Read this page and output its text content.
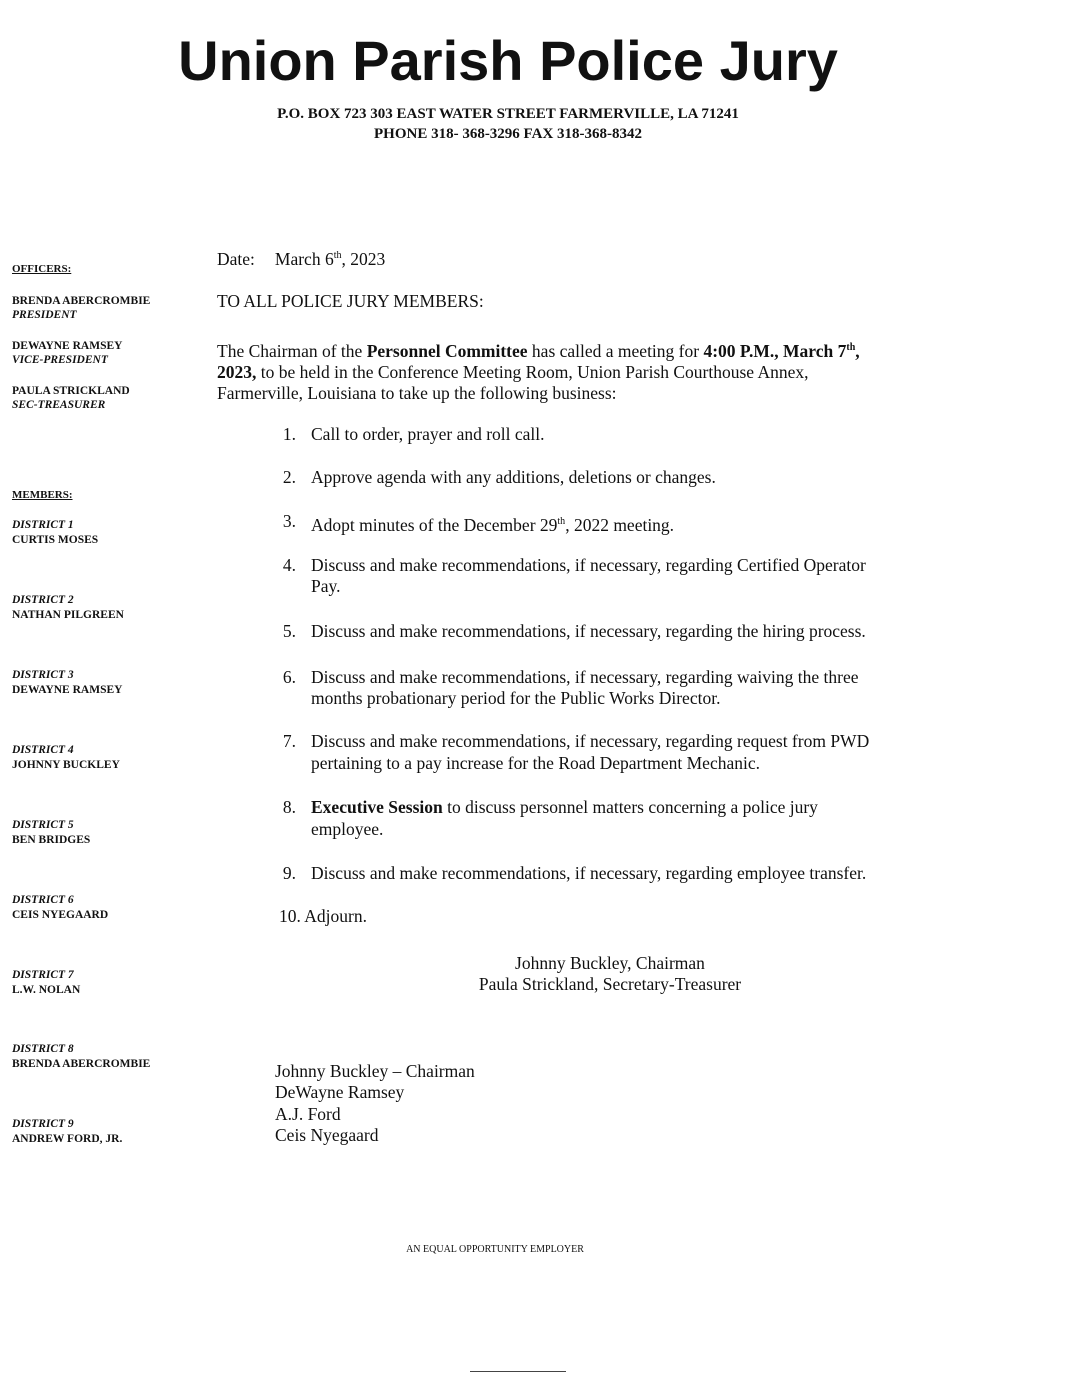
Union Parish Police Jury
P.O. BOX 723 303 EAST WATER STREET FARMERVILLE, LA 71241
PHONE 318- 368-3296 FAX 318-368-8342
OFFICERS:
BRENDA ABERCROMBIE
PRESIDENT
DEWAYNE RAMSEY
VICE-PRESIDENT
PAULA STRICKLAND
SEC-TREASURER
MEMBERS:
DISTRICT 1
CURTIS MOSES
DISTRICT 2
NATHAN PILGREEN
DISTRICT 3
DEWAYNE RAMSEY
DISTRICT 4
JOHNNY BUCKLEY
DISTRICT 5
BEN BRIDGES
DISTRICT 6
CEIS NYEGAARD
DISTRICT 7
L.W. NOLAN
DISTRICT 8
BRENDA ABERCROMBIE
DISTRICT 9
ANDREW FORD, JR.
Date: March 6th, 2023
TO ALL POLICE JURY MEMBERS:
The Chairman of the Personnel Committee has called a meeting for 4:00 P.M., March 7th,
2023, to be held in the Conference Meeting Room, Union Parish Courthouse Annex,
Farmerville, Louisiana to take up the following business:
1. Call to order, prayer and roll call.
2. Approve agenda with any additions, deletions or changes.
3. Adopt minutes of the December 29th, 2022 meeting.
4. Discuss and make recommendations, if necessary, regarding Certified Operator
Pay.
5. Discuss and make recommendations, if necessary, regarding the hiring process.
6. Discuss and make recommendations, if necessary, regarding waiving the three
months probationary period for the Public Works Director.
7. Discuss and make recommendations, if necessary, regarding request from PWD
pertaining to a pay increase for the Road Department Mechanic.
8. Executive Session to discuss personnel matters concerning a police jury
employee.
9. Discuss and make recommendations, if necessary, regarding employee transfer.
10. Adjourn.
Johnny Buckley, Chairman
Paula Strickland, Secretary-Treasurer
Johnny Buckley – Chairman
DeWayne Ramsey
A.J. Ford
Ceis Nyegaard
AN EQUAL OPPORTUNITY EMPLOYER
